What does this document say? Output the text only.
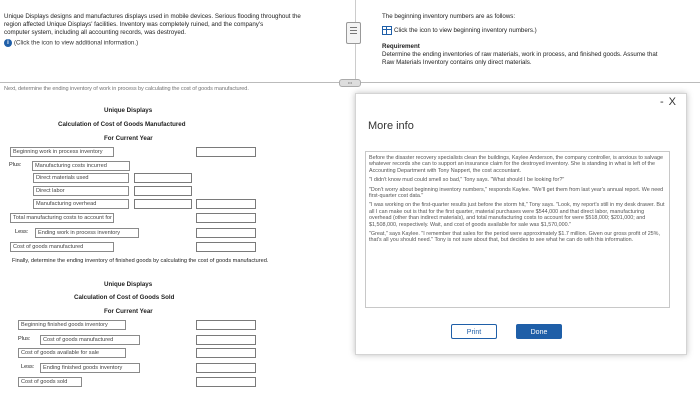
Unique Displays designs and manufactures displays used in mobile devices. Serious flooding throughout the
region affected Unique Displays' facilities. Inventory was completely ruined, and the company's
computer system, including all accounting records, was destroyed.
i (Click the icon to view additional information.)
The beginning inventory numbers are as follows:
Click the icon to view beginning inventory numbers.)
Requirement
Determine the ending inventories of raw materials, work in process, and finished goods. Assume that
Raw Materials Inventory contains only direct materials.
•••
Next, determine the ending inventory of work in process by calculating the cost of goods manufactured.
Unique Displays
Calculation of Cost of Goods Manufactured
For Current Year
Beginning work in process inventory
Plus:	Manufacturing costs incurred
Direct materials used
Direct labor
Manufacturing overhead
Total manufacturing costs to account for
Less:	Ending work in process inventory
Cost of goods manufactured
Finally, determine the ending inventory of finished goods by calculating the cost of goods manufactured.
Unique Displays
Calculation of Cost of Goods Sold
For Current Year
Beginning finished goods inventory
Plus:	Cost of goods manufactured
Cost of goods available for sale
Less:	Ending finished goods inventory
Cost of goods sold
- X
More info

Before the disaster recovery specialists clean the buildings, Kaylee Anderson, the company controller, is anxious to salvage whatever records she can to support an insurance claim for the destroyed inventory. She is standing in what is left of the Accounting Department with Tony Nappert, the cost accountant.

"I didn't know mud could smell so bad," Tony says. "What should I be looking for?"

"Don't worry about beginning inventory numbers," responds Kaylee. "We'll get them from last year's annual report. We need first-quarter cost data."

"I was working on the first-quarter results just before the storm hit," Tony says. "Look, my report's still in my desk drawer. But all I can make out is that for the first quarter, material purchases were $544,000 and that direct labor, manufacturing overhead (other than indirect materials), and total manufacturing costs to account for were $518,000; $201,000; and $1,508,000, respectively. Wait, and cost of goods available for sale was $1,570,000."

"Great," says Kaylee. "I remember that sales for the period were approximately $1.7 million. Given our gross profit of 25%, that's all you should need." Tony is not sure about that, but decides to see what he can do with this information.

Print	Done
